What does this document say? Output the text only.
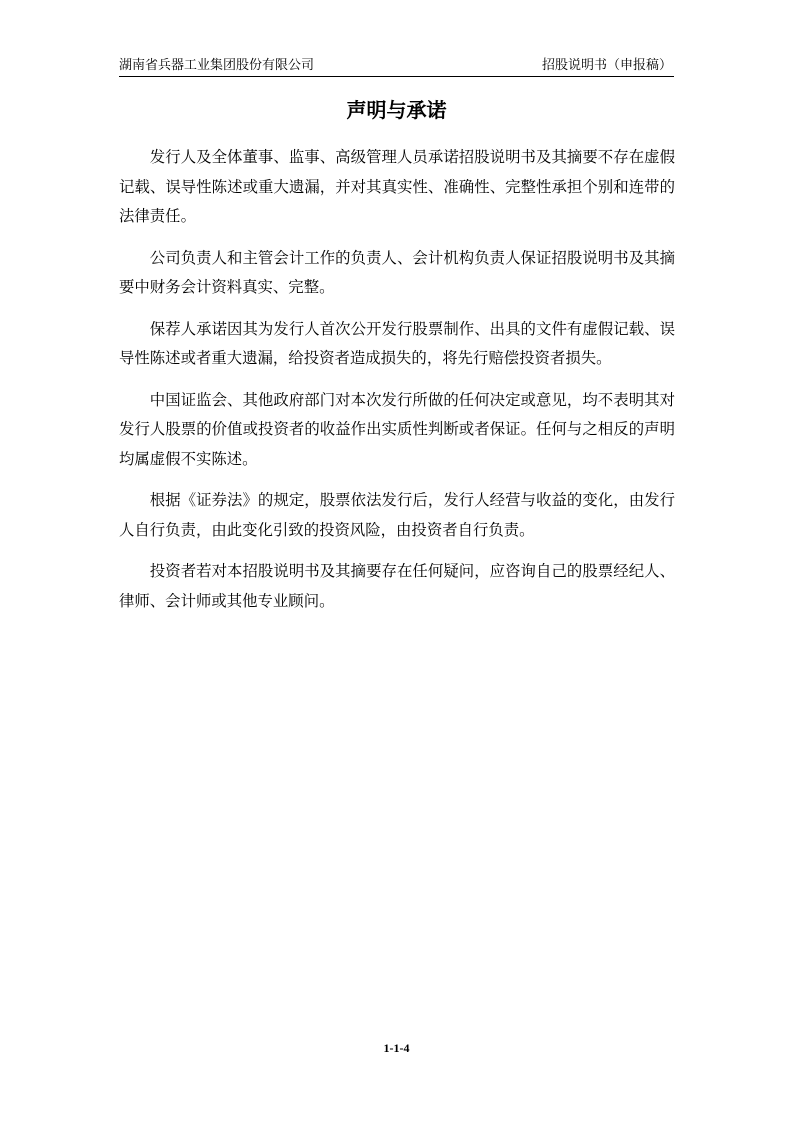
湖南省兵器工业集团股份有限公司	招股说明书（申报稿）
声明与承诺

发行人及全体董事、监事、高级管理人员承诺招股说明书及其摘要不存在虚假记载、误导性陈述或重大遗漏，并对其真实性、准确性、完整性承担个别和连带的法律责任。

公司负责人和主管会计工作的负责人、会计机构负责人保证招股说明书及其摘要中财务会计资料真实、完整。

保荐人承诺因其为发行人首次公开发行股票制作、出具的文件有虚假记载、误导性陈述或者重大遗漏，给投资者造成损失的，将先行赔偿投资者损失。

中国证监会、其他政府部门对本次发行所做的任何决定或意见，均不表明其对发行人股票的价值或投资者的收益作出实质性判断或者保证。任何与之相反的声明均属虚假不实陈述。

根据《证券法》的规定，股票依法发行后，发行人经营与收益的变化，由发行人自行负责，由此变化引致的投资风险，由投资者自行负责。

投资者若对本招股说明书及其摘要存在任何疑问，应咨询自己的股票经纪人、律师、会计师或其他专业顾问。

1-1-4
